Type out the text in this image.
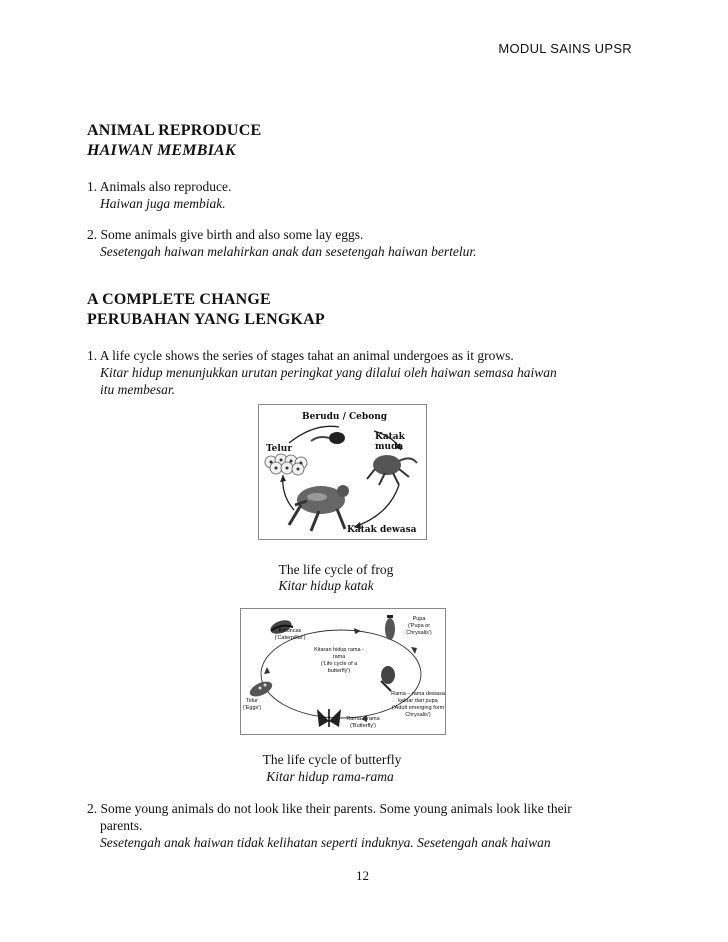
MODUL SAINS UPSR
ANIMAL REPRODUCE
HAIWAN MEMBIAK
1. Animals also reproduce.
Haiwan juga membiak.
2. Some animals give birth and also some lay eggs.
Sesetengah haiwan melahirkan anak dan sesetengah haiwan bertelur.
A COMPLETE CHANGE
PERUBAHAN YANG LENGKAP
1. A life cycle shows the series of stages tahat an animal undergoes as it grows.
Kitar hidup menunjukkan urutan peringkat yang dilalui oleh haiwan semasa haiwan
itu membesar.
Berudu / Cebong
Katak muda
Telur
Katak dewasa
The life cycle of frog
Kitar hidup katak
Beluncas
('Caterpillar')
Kitaran hidup rama -
rama
('Life cycle of a
butterfly')
Pupa
('Pupa or
Chrysalis')
Rama – rama dewasa
keluar dari pupa
('Adult emerging form
Chrysalis')
Rama – rama
('Butterfly')
Telur
('Eggs')
The life cycle of butterfly
Kitar hidup rama-rama
2. Some young animals do not look like their parents. Some young animals look like their
parents.
Sesetengah anak haiwan tidak kelihatan seperti induknya. Sesetengah anak haiwan
12
